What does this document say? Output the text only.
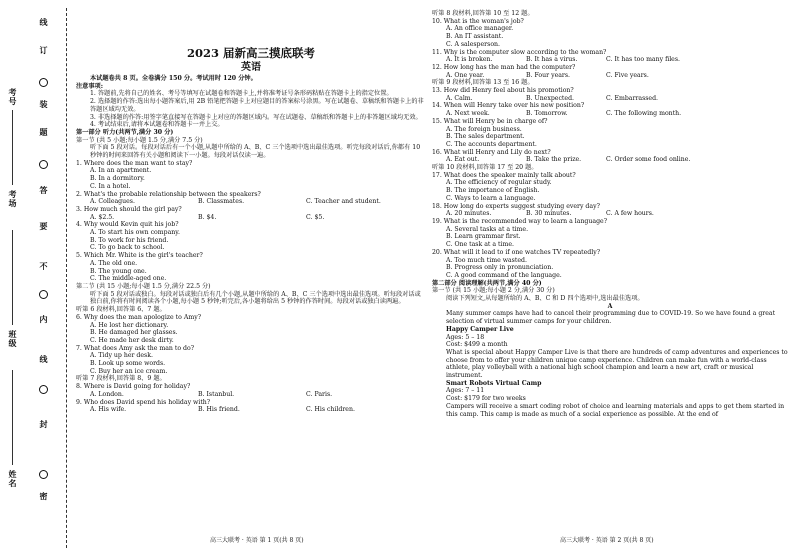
姓名
班级
考场
考号
密
封
线
内
不
要
答
题
装
订
线
2023 届新高三摸底联考
英语

本试题卷共 8 页。全卷满分 150 分。考试用时 120 分钟。

注意事项:

1. 答题前,先将自己的姓名、考号等填写在试题卷和答题卡上,并将准考证号条形码粘贴在答题卡上的指定位置。

2. 选择题的作答:选出每小题答案后,用 2B 铅笔把答题卡上对应题目的答案标号涂黑。写在试题卷、草稿纸和答题卡上的非答题区域均无效。

3. 非选择题的作答:用签字笔直接写在答题卡上对应的答题区域内。写在试题卷、草稿纸和答题卡上的非答题区域均无效。

4. 考试结束后,请将本试题卷和答题卡一并上交。

第一部分 听力(共两节,满分 30 分)

第一节 (共 5 小题;每小题 1.5 分,满分 7.5 分)

听下面 5 段对话。每段对话后有一个小题,从题中所给的 A、B、C 三个选项中选出最佳选项。听完每段对话后,你都有 10 秒钟的时间来回答有关小题和阅读下一小题。每段对话仅读一遍。

1. Where does the man want to stay?

A. In an apartment.

B. In a dormitory.

C. In a hotel.

2. What's the probable relationship between the speakers?

A. Colleagues.	B. Classmates.	C. Teacher and student.

3. How much should the girl pay?

A. $2.5.	B. $4.	C. $5.

4. Why would Kevin quit his job?

A. To start his own company.

B. To work for his friend.

C. To go back to school.

5. Which Mr. White is the girl's teacher?

A. The old one.

B. The young one.

C. The middle-aged one.

第二节 (共 15 小题;每小题 1.5 分,满分 22.5 分)

听下面 5 段对话或独白。每段对话或独白后有几个小题,从题中所给的 A、B、C 三个选项中选出最佳选项。听每段对话或独白前,你将有时间阅读各个小题,每小题 5 秒钟;听完后,各小题将给出 5 秒钟的作答时间。每段对话或独白读两遍。

听第 6 段材料,回答第 6、7 题。

6. Why does the man apologize to Amy?

A. He lost her dictionary.

B. He damaged her glasses.

C. He made her desk dirty.

7. What does Amy ask the man to do?

A. Tidy up her desk.

B. Look up some words.

C. Buy her an ice cream.

听第 7 段材料,回答第 8、9 题。

8. Where is David going for holiday?

A. London.	B. Istanbul.	C. Paris.

9. Who does David spend his holiday with?

A. His wife.	B. His friend.	C. His children.

听第 8 段材料,回答第 10 至 12 题。

10. What is the woman's job?

A. An office manager.

B. An IT assistant.

C. A salesperson.

11. Why is the computer slow according to the woman?

A. It is broken.	B. It has a virus.	C. It has too many files.

12. How long has the man had the computer?

A. One year.	B. Four years.	C. Five years.

听第 9 段材料,回答第 13 至 16 题。

13. How did Henry feel about his promotion?

A. Calm.	B. Unexpected.	C. Embarrassed.

14. When will Henry take over his new position?

A. Next week.	B. Tomorrow.	C. The following month.

15. What will Henry be in charge of?

A. The foreign business.

B. The sales department.

C. The accounts department.

16. What will Henry and Lily do next?

A. Eat out.	B. Take the prize.	C. Order some food online.

听第 10 段材料,回答第 17 至 20 题。

17. What does the speaker mainly talk about?

A. The efficiency of regular study.

B. The importance of English.

C. Ways to learn a language.

18. How long do experts suggest studying every day?

A. 20 minutes.	B. 30 minutes.	C. A few hours.

19. What is the recommended way to learn a language?

A. Several tasks at a time.

B. Learn grammar first.

C. One task at a time.

20. What will it lead to if one watches TV repeatedly?

A. Too much time wasted.

B. Progress only in pronunciation.

C. A good command of the language.

第二部分 阅读理解(共两节,满分 40 分)

第一节 (共 15 小题;每小题 2 分,满分 30 分)

阅读下列短文,从每题所给的 A、B、C 和 D 四个选项中,选出最佳选项。

A

Many summer camps have had to cancel their programming due to COVID-19. So we have found a great selection of virtual summer camps for your children.

Happy Camper Live

Ages: 5 – 18

Cost: $499 a month

What is special about Happy Camper Live is that there are hundreds of camp adventures and experiences to choose from to offer your children unique camp experience. Children can make fun with a world-class athlete, play volleyball with a national high school champion and learn a new art, craft or musical instrument.

Smart Robots Virtual Camp

Ages: 7 – 11

Cost: $179 for two weeks

Campers will receive a smart coding robot of choice and learning materials and apps to get them started in this camp. This camp is made as much of a social experience as possible. At the end of

高三大联考 · 英语 第 1 页(共 8 页)	高三大联考 · 英语 第 2 页(共 8 页)
